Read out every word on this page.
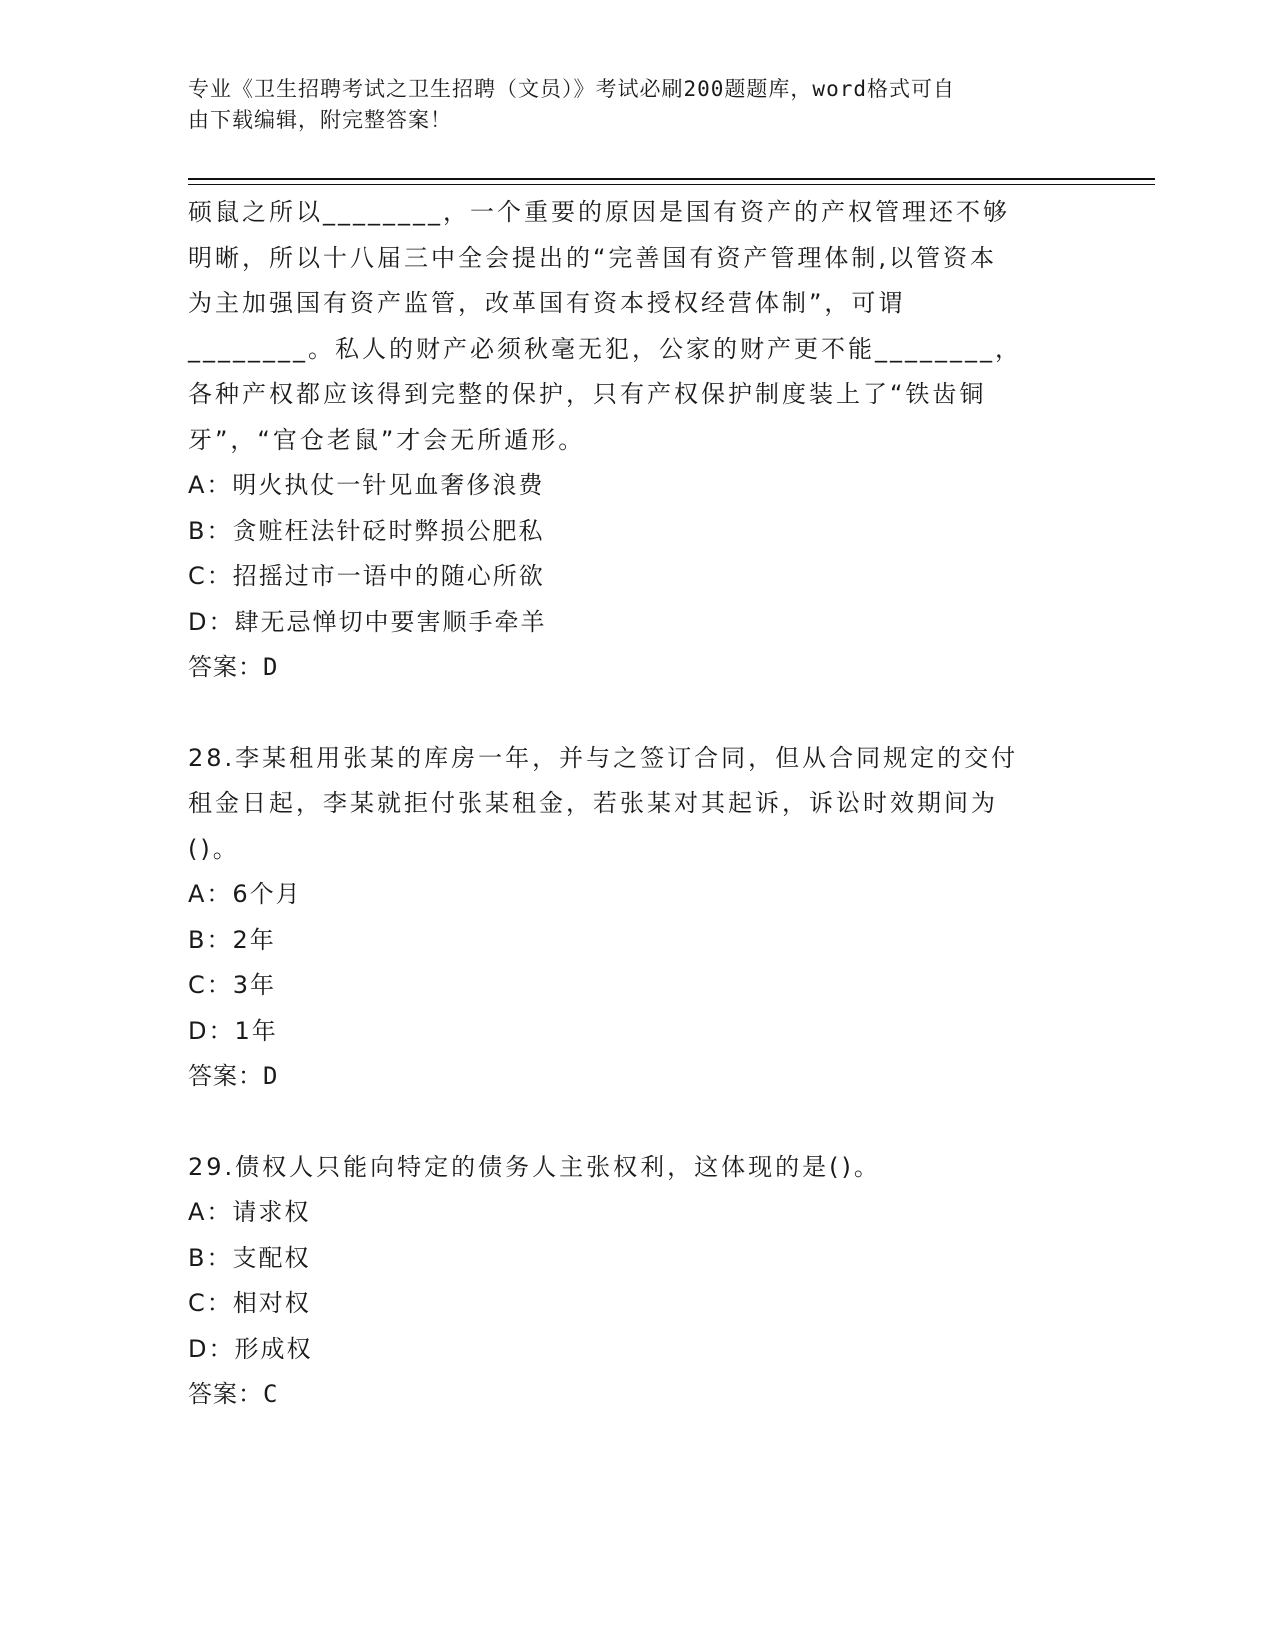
专业《卫生招聘考试之卫生招聘（文员）》考试必刷200题题库，word格式可自
由下载编辑，附完整答案！
硕鼠之所以________，一个重要的原因是国有资产的产权管理还不够
明晰，所以十八届三中全会提出的“完善国有资产管理体制,以管资本
为主加强国有资产监管，改革国有资本授权经营体制”，可谓
________。私人的财产必须秋毫无犯，公家的财产更不能________，
各种产权都应该得到完整的保护，只有产权保护制度装上了“铁齿铜
牙”，“官仓老鼠”才会无所遁形。
A：明火执仗一针见血奢侈浪费
B：贪赃枉法针砭时弊损公肥私
C：招摇过市一语中的随心所欲
D：肆无忌惮切中要害顺手牵羊
答案：D
28.李某租用张某的库房一年，并与之签订合同，但从合同规定的交付
租金日起，李某就拒付张某租金，若张某对其起诉，诉讼时效期间为
()。
A：6个月
B：2年
C：3年
D：1年
答案：D
29.债权人只能向特定的债务人主张权利，这体现的是()。
A：请求权
B：支配权
C：相对权
D：形成权
答案：C
